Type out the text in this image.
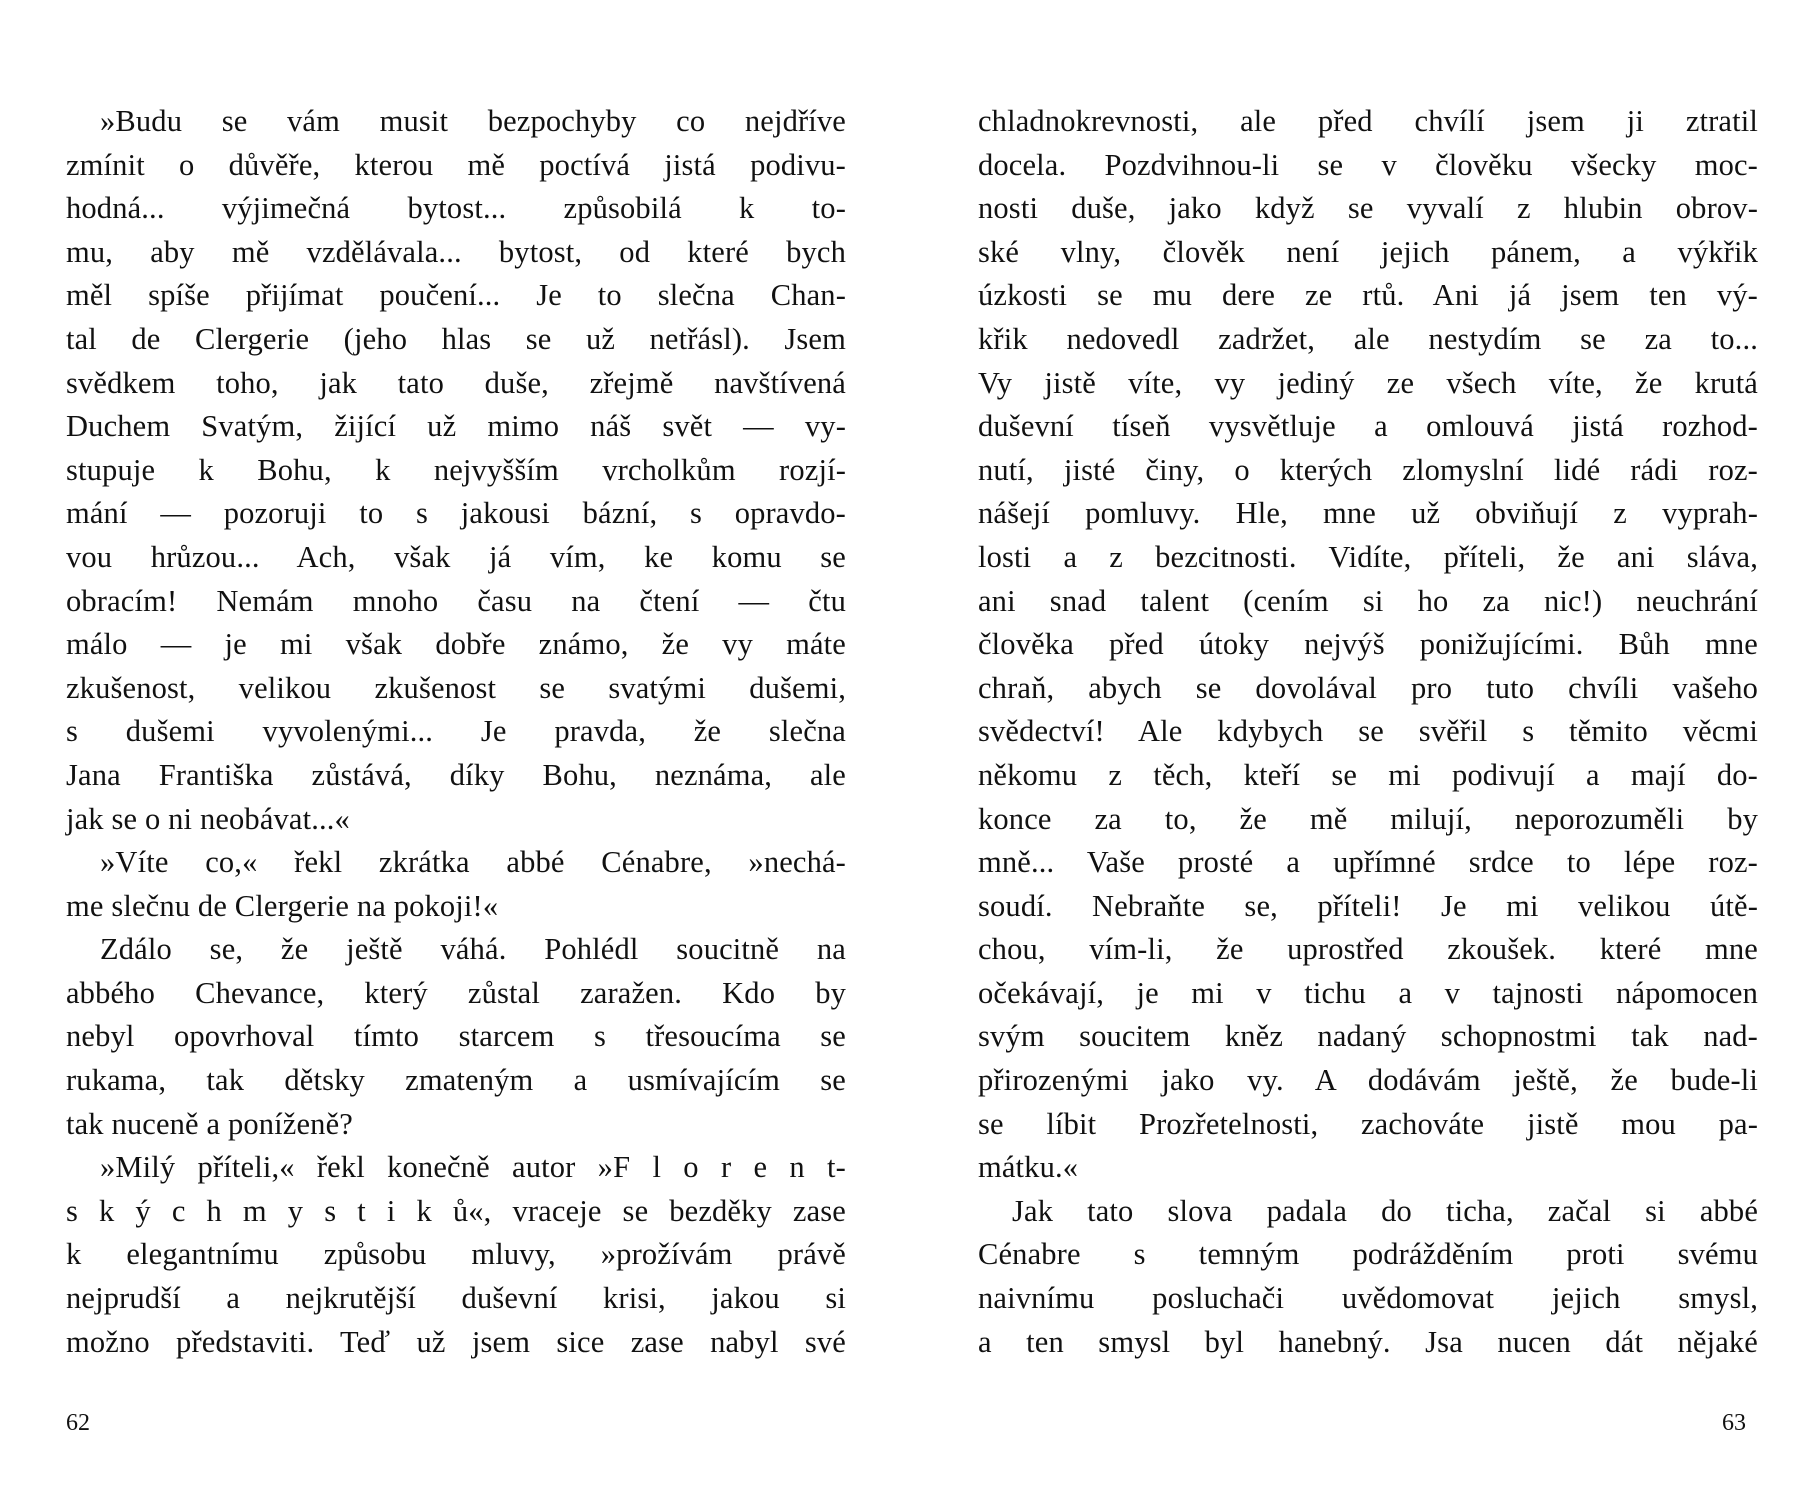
»Budu se vám musit bezpochyby co nejdříve
zmínit o důvěře, kterou mě poctívá jistá podivu-
hodná... výjimečná bytost... způsobilá k to-
mu, aby mě vzdělávala... bytost, od které bych
měl spíše přijímat poučení... Je to slečna Chan-
tal de Clergerie (jeho hlas se už netřásl). Jsem
svědkem toho, jak tato duše, zřejmě navštívená
Duchem Svatým, žijící už mimo náš svět — vy-
stupuje k Bohu, k nejvyšším vrcholkům rozjí-
mání — pozoruji to s jakousi bázní, s opravdo-
vou hrůzou... Ach, však já vím, ke komu se
obracím! Nemám mnoho času na čtení — čtu
málo — je mi však dobře známo, že vy máte
zkušenost, velikou zkušenost se svatými dušemi,
s dušemi vyvolenými... Je pravda, že slečna
Jana Františka zůstává, díky Bohu, neznáma, ale
jak se o ni neobávat...«
»Víte co,« řekl zkrátka abbé Cénabre, »nechá-
me slečnu de Clergerie na pokoji!«
Zdálo se, že ještě váhá. Pohlédl soucitně na
abbého Chevance, který zůstal zaražen. Kdo by
nebyl opovrhoval tímto starcem s třesoucíma se
rukama, tak dětsky zmateným a usmívajícím se
tak nuceně a poníženě?
»Milý příteli,« řekl konečně autor »F l o r e n t-
s k ý c h m y s t i k ů«, vraceje se bezděky zase
k elegantnímu způsobu mluvy, »prožívám právě
nejprudší a nejkrutější duševní krisi, jakou si
možno představiti. Teď už jsem sice zase nabyl své
chladnokrevnosti, ale před chvílí jsem ji ztratil
docela. Pozdvihnou-li se v člověku všecky moc-
nosti duše, jako když se vyvalí z hlubin obrov-
ské vlny, člověk není jejich pánem, a výkřik
úzkosti se mu dere ze rtů. Ani já jsem ten vý-
křik nedovedl zadržet, ale nestydím se za to...
Vy jistě víte, vy jediný ze všech víte, že krutá
duševní tíseň vysvětluje a omlouvá jistá rozhod-
nutí, jisté činy, o kterých zlomyslní lidé rádi roz-
nášejí pomluvy. Hle, mne už obviňují z vyprah-
losti a z bezcitnosti. Vidíte, příteli, že ani sláva,
ani snad talent (cením si ho za nic!) neuchrání
člověka před útoky nejvýš ponižujícími. Bůh mne
chraň, abych se dovolával pro tuto chvíli vašeho
svědectví! Ale kdybych se svěřil s těmito věcmi
někomu z těch, kteří se mi podivují a mají do-
konce za to, že mě milují, neporozuměli by
mně... Vaše prosté a upřímné srdce to lépe roz-
soudí. Nebraňte se, příteli! Je mi velikou útě-
chou, vím-li, že uprostřed zkoušek. které mne
očekávají, je mi v tichu a v tajnosti nápomocen
svým soucitem kněz nadaný schopnostmi tak nad-
přirozenými jako vy. A dodávám ještě, že bude-li
se líbit Prozřetelnosti, zachováte jistě mou pa-
mátku.«
Jak tato slova padala do ticha, začal si abbé
Cénabre s temným podrážděním proti svému
naivnímu posluchači uvědomovat jejich smysl,
a ten smysl byl hanebný. Jsa nucen dát nějaké
62	63
